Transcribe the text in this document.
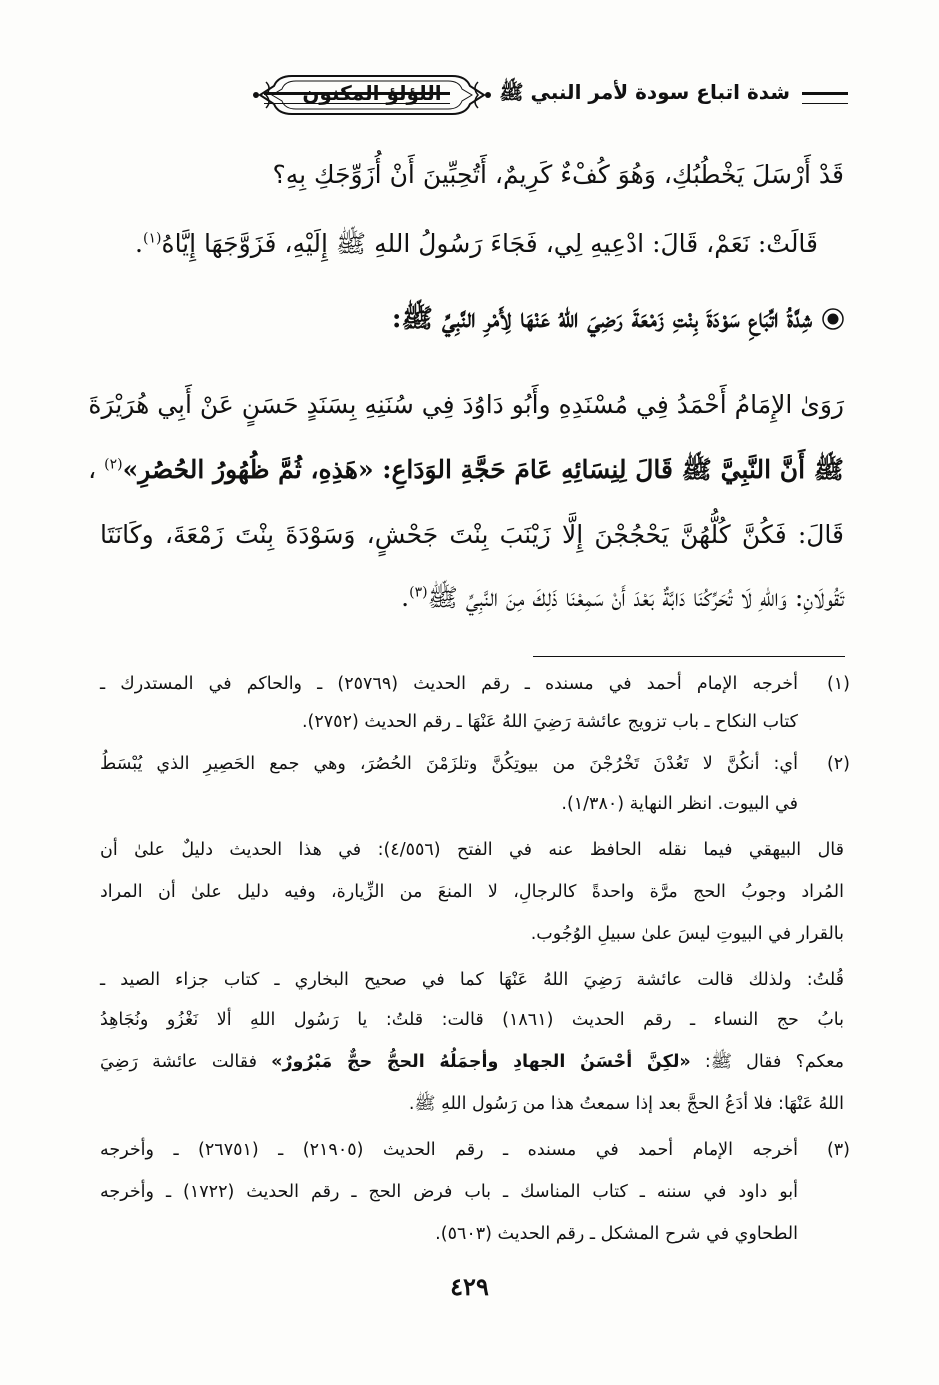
شدة اتباع سودة لأمر النبي ﷺ
اللؤلؤ المكنون
قَدْ أَرْسَلَ يَخْطُبُكِ، وَهُوَ كُفْءٌ كَرِيمٌ، أَتُحِبِّينَ أَنْ أُزَوِّجَكِ بِهِ؟
قَالَتْ: نَعَمْ، قَالَ: ادْعِيهِ لِي، فَجَاءَ رَسُولُ اللهِ ﷺ إِلَيْهِ، فَزَوَّجَهَا إِيَّاهُ$^{(١)}$.
شِدَّةُ اتِّبَاعِ سَوْدَةَ بِنْتِ زَمْعَةَ رَضِيَ اللهُ عَنْهَا لِأَمْرِ النَّبِيِّ ﷺ:
رَوَىٰ الإِمَامُ أَحْمَدُ فِي مُسْنَدِهِ وأَبُو دَاوُدَ فِي سُنَنِهِ بِسَنَدٍ حَسَنٍ عَنْ أَبِي هُرَيْرَةَ
ﷺ أَنَّ النَّبِيَّ ﷺ قَالَ لِنِسَائِهِ عَامَ حَجَّةِ الوَدَاعِ: «هَذِهِ، ثُمَّ ظُهُورُ الحُصُرِ»$^{(٢)}$ ،
قَالَ: فَكُنَّ كُلُّهُنَّ يَحْجُجْنَ إِلَّا زَيْنَبَ بِنْتَ جَحْشٍ، وَسَوْدَةَ بِنْتَ زَمْعَةَ، وكَانَتَا
تَقُولَانِ: وَاللهِ لَا تُحَرِّكُنَا دَابَّةٌ بَعْدَ أَنْ سَمِعْنَا ذَلِكَ مِنَ النَّبِيِّ ﷺ$^{(٣)}$.
(١)
أخرجه الإمام أحمد في مسنده ـ رقم الحديث (٢٥٧٦٩) ـ والحاكم في المستدرك ـ
كتاب النكاح ـ باب تزويج عائشة رَضِيَ اللهُ عَنْهَا ـ رقم الحديث (٢٧٥٢).
(٢)
أي: أنكُنَّ لا تَعُدْنَ تَخْرُجْنَ من بيوتِكُنَّ وتلزَمْنَ الحُصُرَ، وهي جمع الحَصِيرِ الذي يُبْسَطُ
في البيوت. انظر النهاية (١/٣٨٠).
قال البيهقي فيما نقله الحافظ عنه في الفتح (٤/٥٥٦): في هذا الحديث دليلٌ علىٰ أن
المُراد وجوبُ الحج مرَّة واحدةً كالرجالِ، لا المنعَ من الزِّيارة، وفيه دليل علىٰ أن المراد
بالقرار في البيوتِ ليسَ علىٰ سبيلِ الوُجُوب.
قُلتُ: ولذلك قالت عائشة رَضِيَ اللهُ عَنْهَا كما في صحيح البخاري ـ كتاب جزاء الصيد ـ
بابُ حج النساء ـ رقم الحديث (١٨٦١) قالت: قلتُ: يا رَسُول اللهِ ألا نَغْزُو ونُجَاهِدُ
معكم؟ فقال ﷺ: «لكِنَّ أحْسَنُ الجهادِ وأجمَلُهُ الحجُّ حجٌّ مَبْرُورٌ» فقالت عائشة رَضِيَ
اللهُ عَنْهَا: فلا أدَعُ الحجَّ بعد إذا سمعتُ هذا من رَسُول اللهِ ﷺ.
(٣)
أخرجه الإمام أحمد في مسنده ـ رقم الحديث (٢١٩٠٥) ـ (٢٦٧٥١) ـ وأخرجه
أبو داود في سننه ـ كتاب المناسك ـ باب فرض الحج ـ رقم الحديث (١٧٢٢) ـ وأخرجه
الطحاوي في شرح المشكل ـ رقم الحديث (٥٦٠٣).
٤٢٩
